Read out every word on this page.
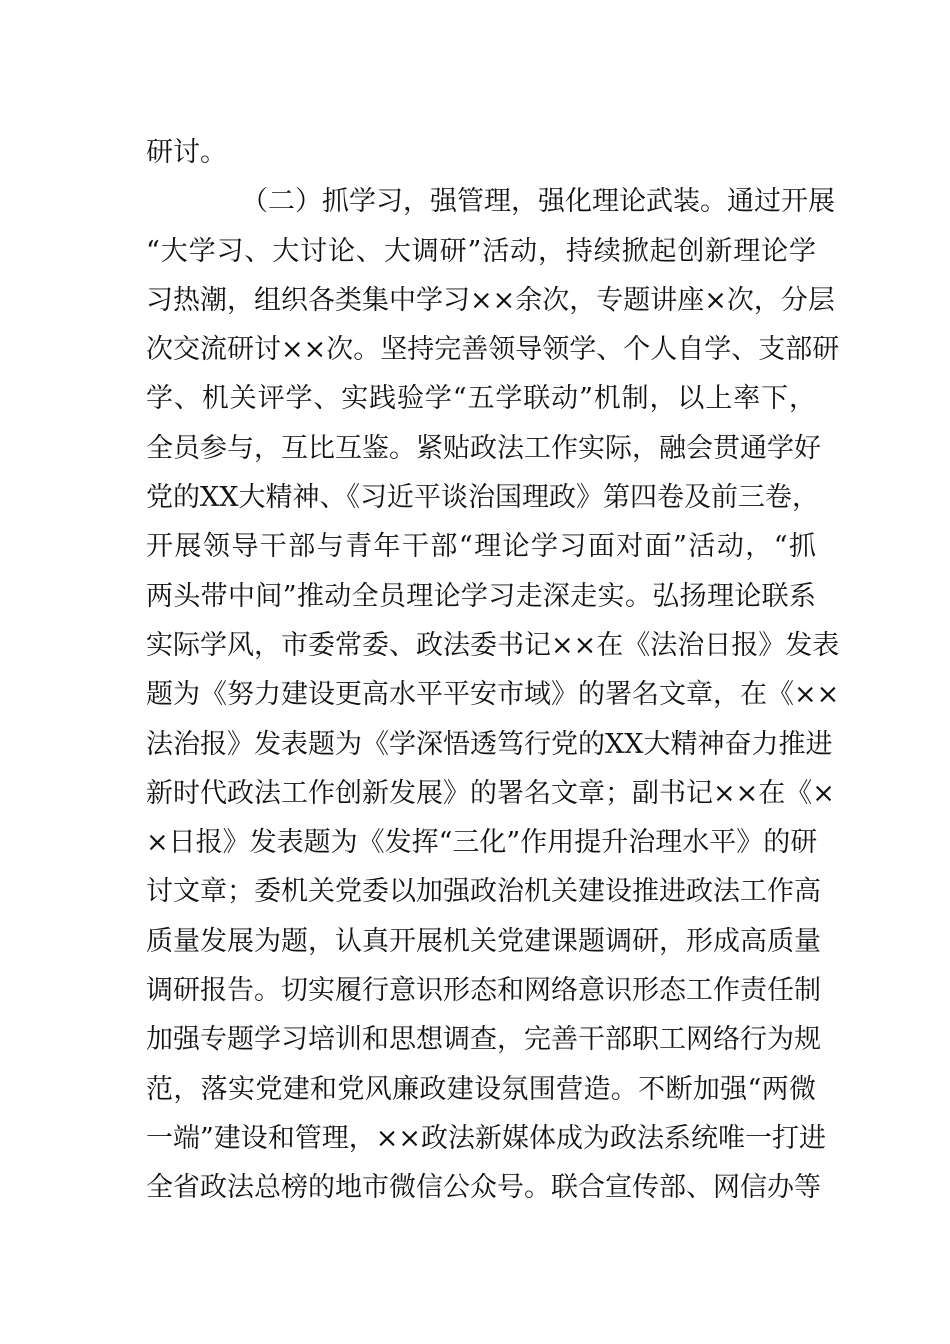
研讨。
（二）抓学习，强管理，强化理论武装。通过开展
“大学习、大讨论、大调研”活动，持续掀起创新理论学
习热潮，组织各类集中学习××余次，专题讲座×次，分层
次交流研讨××次。坚持完善领导领学、个人自学、支部研
学、机关评学、实践验学“五学联动”机制，以上率下，
全员参与，互比互鉴。紧贴政法工作实际，融会贯通学好
党的XX大精神、《习近平谈治国理政》第四卷及前三卷，
开展领导干部与青年干部“理论学习面对面”活动，“抓
两头带中间”推动全员理论学习走深走实。弘扬理论联系
实际学风，市委常委、政法委书记××在《法治日报》发表
题为《努力建设更高水平平安市域》的署名文章，在《××
法治报》发表题为《学深悟透笃行党的XX大精神奋力推进
新时代政法工作创新发展》的署名文章；副书记××在《×
×日报》发表题为《发挥“三化”作用提升治理水平》的研
讨文章；委机关党委以加强政治机关建设推进政法工作高
质量发展为题，认真开展机关党建课题调研，形成高质量
调研报告。切实履行意识形态和网络意识形态工作责任制
加强专题学习培训和思想调查，完善干部职工网络行为规
范，落实党建和党风廉政建设氛围营造。不断加强“两微
一端”建设和管理，××政法新媒体成为政法系统唯一打进
全省政法总榜的地市微信公众号。联合宣传部、网信办等
